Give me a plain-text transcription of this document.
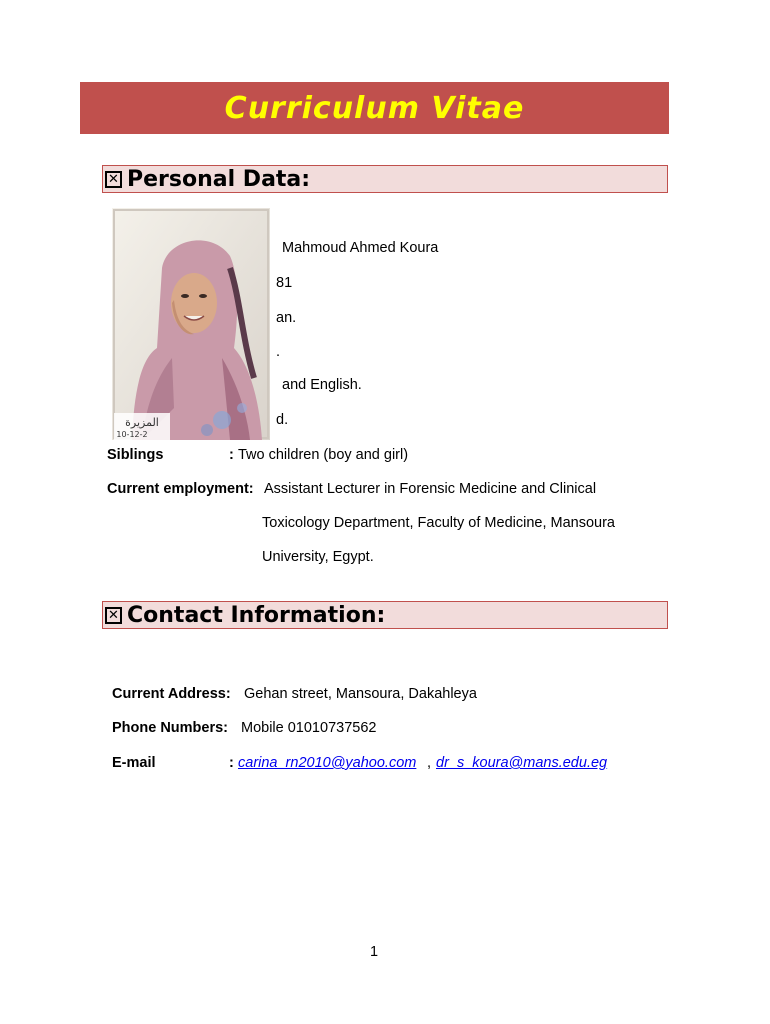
Curriculum Vitae
✕ Personal Data:
Mahmoud Ahmed Koura
81
an.
.
and English.
d.
المزيرة
10-12-2
Siblings	: Two children (boy and girl)
Current employment: Assistant Lecturer in Forensic Medicine and Clinical
Toxicology Department, Faculty of Medicine, Mansoura
University, Egypt.
✕ Contact Information:
Current Address: Gehan street, Mansoura, Dakahleya
Phone Numbers: Mobile 01010737562
E-mail	: carina_rn2010@yahoo.com , dr_s_koura@mans.edu.eg
1
